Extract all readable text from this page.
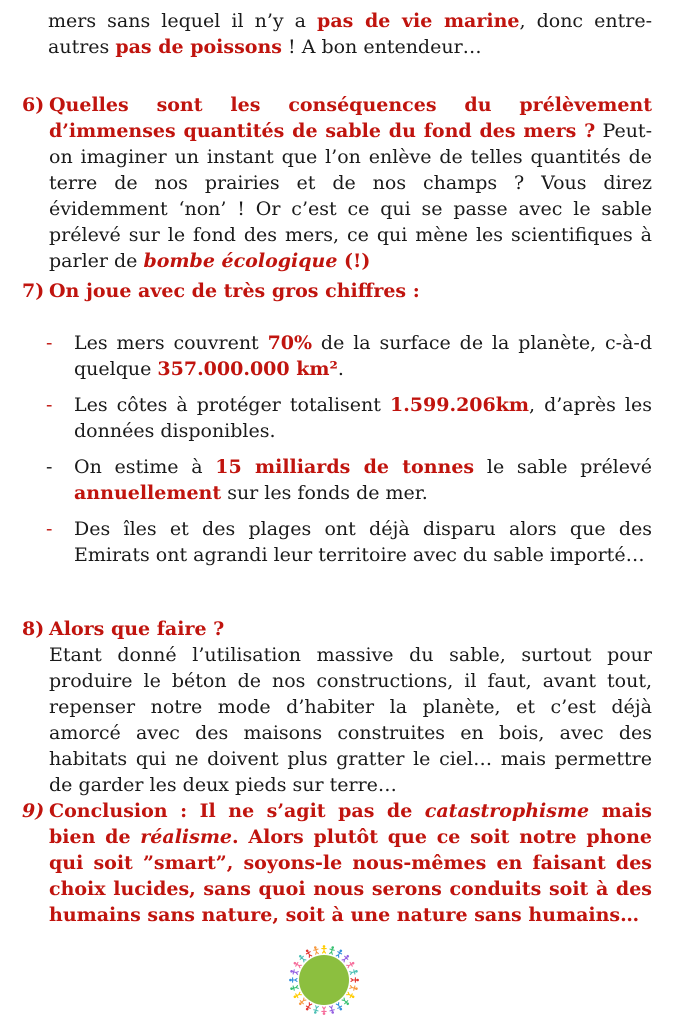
mers sans lequel il n’y a pas de vie marine, donc entre-autres pas de poissons ! A bon entendeur…

6) Quelles sont les conséquences du prélèvement d’immenses quantités de sable du fond des mers ? Peut-on imaginer un instant que l’on enlève de telles quantités de terre de nos prairies et de nos champs ? Vous direz évidemment ‘non’ ! Or c’est ce qui se passe avec le sable prélevé sur le fond des mers, ce qui mène les scientifiques à parler de bombe écologique (!)

7) On joue avec de très gros chiffres :

- Les mers couvrent 70% de la surface de la planète, c-à-d quelque 357.000.000 km².
- Les côtes à protéger totalisent 1.599.206km, d’après les données disponibles.
- On estime à 15 milliards de tonnes le sable prélevé annuellement sur les fonds de mer.
- Des îles et des plages ont déjà disparu alors que des Emirats ont agrandi leur territoire avec du sable importé…
8) Alors que faire ?

Etant donné l’utilisation massive du sable, surtout pour produire le béton de nos constructions, il faut, avant tout, repenser notre mode d’habiter la planète, et c’est déjà amorcé avec des maisons construites en bois, avec des habitats qui ne doivent plus gratter le ciel… mais permettre de garder les deux pieds sur terre…

9) Conclusion : Il ne s’agit pas de catastrophisme mais bien de réalisme. Alors plutôt que ce soit notre phone qui soit ”smart”, soyons-le nous-mêmes en faisant des choix lucides, sans quoi nous serons conduits soit à des humains sans nature, soit à une nature sans humains…
